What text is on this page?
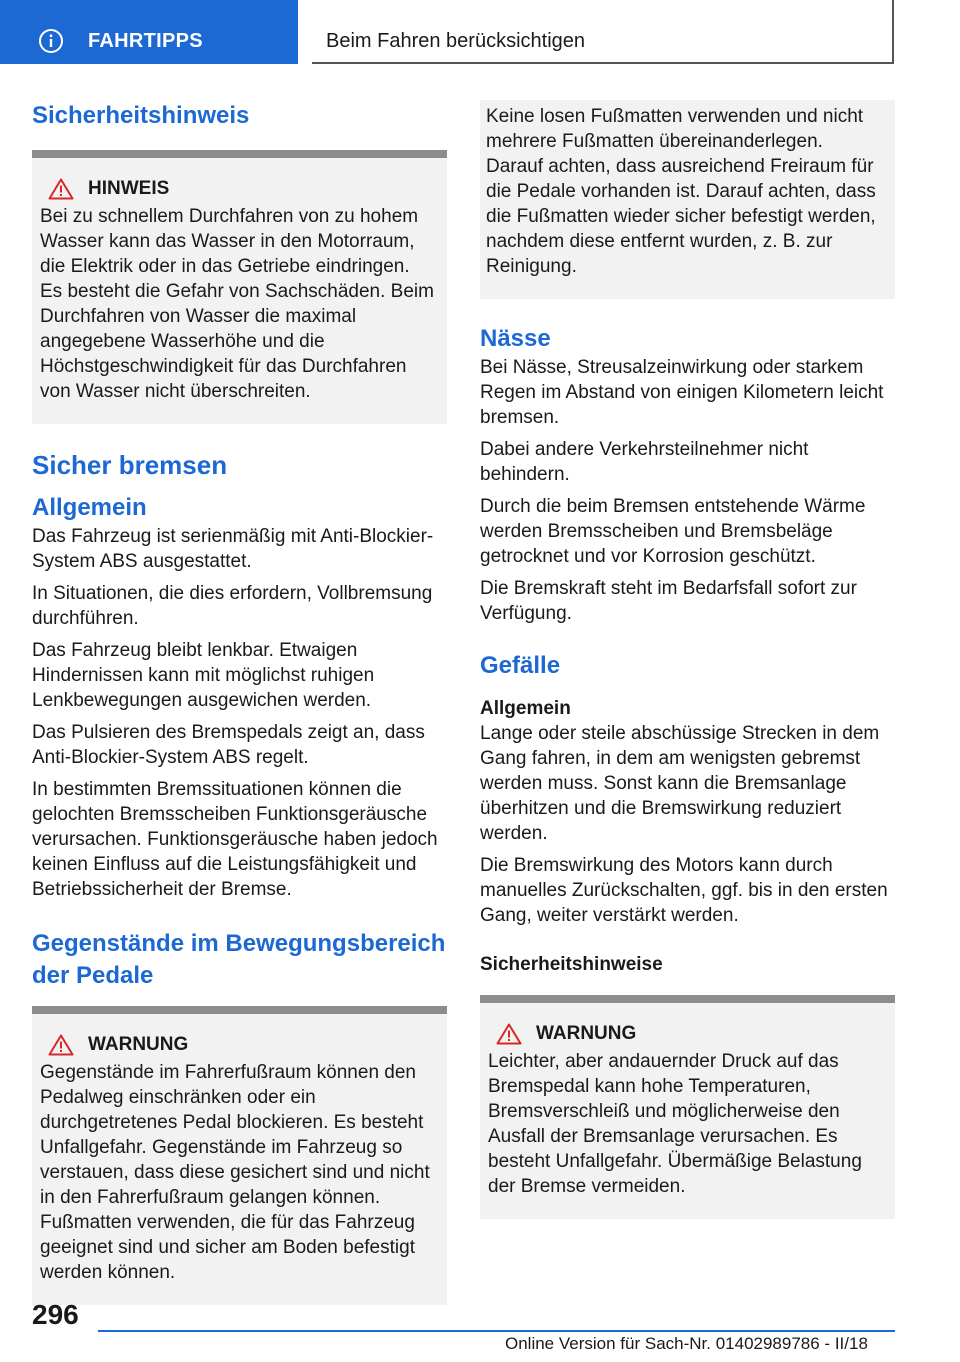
FAHRTIPPS	Beim Fahren berücksichtigen
Sicherheitshinweis
HINWEIS

Bei zu schnellem Durchfahren von zu hohem Wasser kann das Wasser in den Motorraum, die Elektrik oder in das Getriebe eindringen. Es besteht die Gefahr von Sachschäden. Beim Durchfahren von Wasser die maximal angegebene Wasserhöhe und die Höchstgeschwindigkeit für das Durchfahren von Wasser nicht überschreiten.

Sicher bremsen
Allgemein

Das Fahrzeug ist serienmäßig mit Anti-Blockier-System ABS ausgestattet.

In Situationen, die dies erfordern, Vollbremsung durchführen.

Das Fahrzeug bleibt lenkbar. Etwaigen Hindernissen kann mit möglichst ruhigen Lenkbewegungen ausgewichen werden.

Das Pulsieren des Bremspedals zeigt an, dass Anti-Blockier-System ABS regelt.

In bestimmten Bremssituationen können die gelochten Bremsscheiben Funktionsgeräusche verursachen. Funktionsgeräusche haben jedoch keinen Einfluss auf die Leistungsfähigkeit und Betriebssicherheit der Bremse.

Gegenstände im Bewegungsbereich der Pedale
WARNUNG

Gegenstände im Fahrerfußraum können den Pedalweg einschränken oder ein durchgetretenes Pedal blockieren. Es besteht Unfallgefahr. Gegenstände im Fahrzeug so verstauen, dass diese gesichert sind und nicht in den Fahrerfußraum gelangen können. Fußmatten verwenden, die für das Fahrzeug geeignet sind und sicher am Boden befestigt werden können.

Keine losen Fußmatten verwenden und nicht mehrere Fußmatten übereinanderlegen. Darauf achten, dass ausreichend Freiraum für die Pedale vorhanden ist. Darauf achten, dass die Fußmatten wieder sicher befestigt werden, nachdem diese entfernt wurden, z. B. zur Reinigung.

Nässe

Bei Nässe, Streusalzeinwirkung oder starkem Regen im Abstand von einigen Kilometern leicht bremsen.

Dabei andere Verkehrsteilnehmer nicht behindern.

Durch die beim Bremsen entstehende Wärme werden Bremsscheiben und Bremsbeläge getrocknet und vor Korrosion geschützt.

Die Bremskraft steht im Bedarfsfall sofort zur Verfügung.

Gefälle
Allgemein

Lange oder steile abschüssige Strecken in dem Gang fahren, in dem am wenigsten gebremst werden muss. Sonst kann die Bremsanlage überhitzen und die Bremswirkung reduziert werden.

Die Bremswirkung des Motors kann durch manuelles Zurückschalten, ggf. bis in den ersten Gang, weiter verstärkt werden.

Sicherheitshinweise
WARNUNG

Leichter, aber andauernder Druck auf das Bremspedal kann hohe Temperaturen, Bremsverschleiß und möglicherweise den Ausfall der Bremsanlage verursachen. Es besteht Unfallgefahr. Übermäßige Belastung der Bremse vermeiden.

296
Online Version für Sach-Nr. 01402989786 - II/18
